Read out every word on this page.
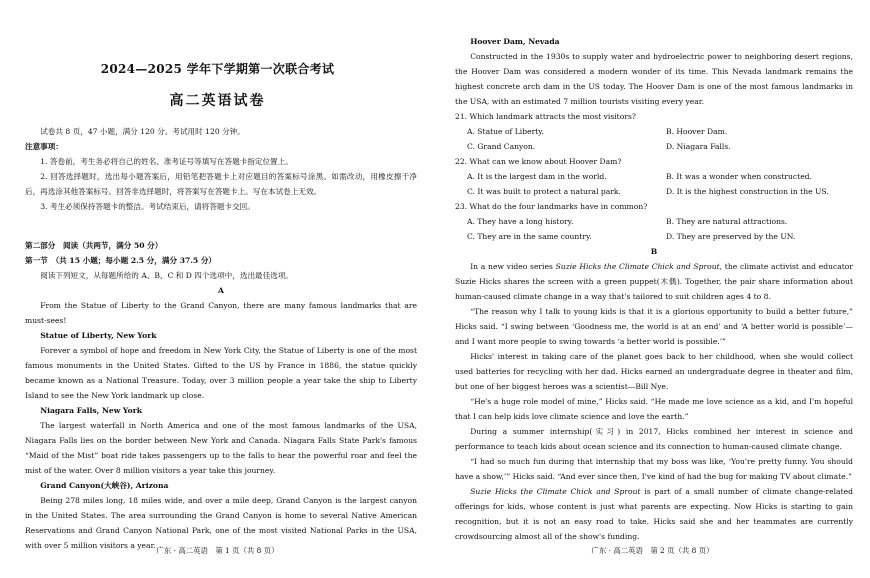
2024—2025 学年下学期第一次联合考试
高二英语试卷

试卷共 8 页，47 小题，满分 120 分。考试用时 120 分钟。

注意事项：

1. 答卷前，考生务必将自己的姓名、准考证号等填写在答题卡指定位置上。

2. 回答选择题时，选出每小题答案后，用铅笔把答题卡上对应题目的答案标号涂黑。如需改动，用橡皮擦干净后，再选涂其他答案标号。回答非选择题时，将答案写在答题卡上。写在本试卷上无效。

3. 考生必须保持答题卡的整洁。考试结束后，请将答题卡交回。

第二部分　阅读（共两节，满分 50 分）

第一节　（共 15 小题；每小题 2.5 分，满分 37.5 分）

阅读下列短文，从每题所给的 A、B、C 和 D 四个选项中，选出最佳选项。

A

From the Statue of Liberty to the Grand Canyon, there are many famous landmarks that are must-sees!

Statue of Liberty, New York

Forever a symbol of hope and freedom in New York City, the Statue of Liberty is one of the most famous monuments in the United States. Gifted to the US by France in 1886, the statue quickly became known as a National Treasure. Today, over 3 million people a year take the ship to Liberty Island to see the New York landmark up close.

Niagara Falls, New York

The largest waterfall in North America and one of the most famous landmarks of the USA, Niagara Falls lies on the border between New York and Canada. Niagara Falls State Park's famous “Maid of the Mist” boat ride takes passengers up to the falls to hear the powerful roar and feel the mist of the water. Over 8 million visitors a year take this journey.

Grand Canyon(大峡谷), Arizona

Being 278 miles long, 18 miles wide, and over a mile deep, Grand Canyon is the largest canyon in the United States. The area surrounding the Grand Canyon is home to several Native American Reservations and Grand Canyon National Park, one of the most visited National Parks in the USA, with over 5 million visitors a year.

广东 · 高二英语　第 1 页（共 8 页）

Hoover Dam, Nevada

Constructed in the 1930s to supply water and hydroelectric power to neighboring desert regions, the Hoover Dam was considered a modern wonder of its time. This Nevada landmark remains the highest concrete arch dam in the US today. The Hoover Dam is one of the most famous landmarks in the USA, with an estimated 7 million tourists visiting every year.

21. Which landmark attracts the most visitors?

A. Statue of Liberty.	B. Hoover Dam.
C. Grand Canyon.	D. Niagara Falls.

22. What can we know about Hoover Dam?

A. It is the largest dam in the world.	B. It was a wonder when constructed.
C. It was built to protect a natural park.	D. It is the highest construction in the US.

23. What do the four landmarks have in common?

A. They have a long history.	B. They are natural attractions.
C. They are in the same country.	D. They are preserved by the UN.

B

In a new video series Suzie Hicks the Climate Chick and Sprout, the climate activist and educator Suzie Hicks shares the screen with a green puppet(木偶). Together, the pair share information about human-caused climate change in a way that's tailored to suit children ages 4 to 8.

“The reason why I talk to young kids is that it is a glorious opportunity to build a better future,” Hicks said. “I swing between ‘Goodness me, the world is at an end’ and ‘A better world is possible’—and I want more people to swing towards ‘a better world is possible.’”

Hicks' interest in taking care of the planet goes back to her childhood, when she would collect used batteries for recycling with her dad. Hicks earned an undergraduate degree in theater and film, but one of her biggest heroes was a scientist—Bill Nye.

“He's a huge role model of mine,” Hicks said. “He made me love science as a kid, and I'm hopeful that I can help kids love climate science and love the earth.”

During a summer internship(实习) in 2017, Hicks combined her interest in science and performance to teach kids about ocean science and its connection to human-caused climate change.

“I had so much fun during that internship that my boss was like, ‘You're pretty funny. You should have a show,’” Hicks said. “And ever since then, I've kind of had the bug for making TV about climate.”

Suzie Hicks the Climate Chick and Sprout is part of a small number of climate change-related offerings for kids, whose content is just what parents are expecting. Now Hicks is starting to gain recognition, but it is not an easy road to take. Hicks said she and her teammates are currently crowdsourcing almost all of the show's funding.

广东 · 高二英语　第 2 页（共 8 页）
